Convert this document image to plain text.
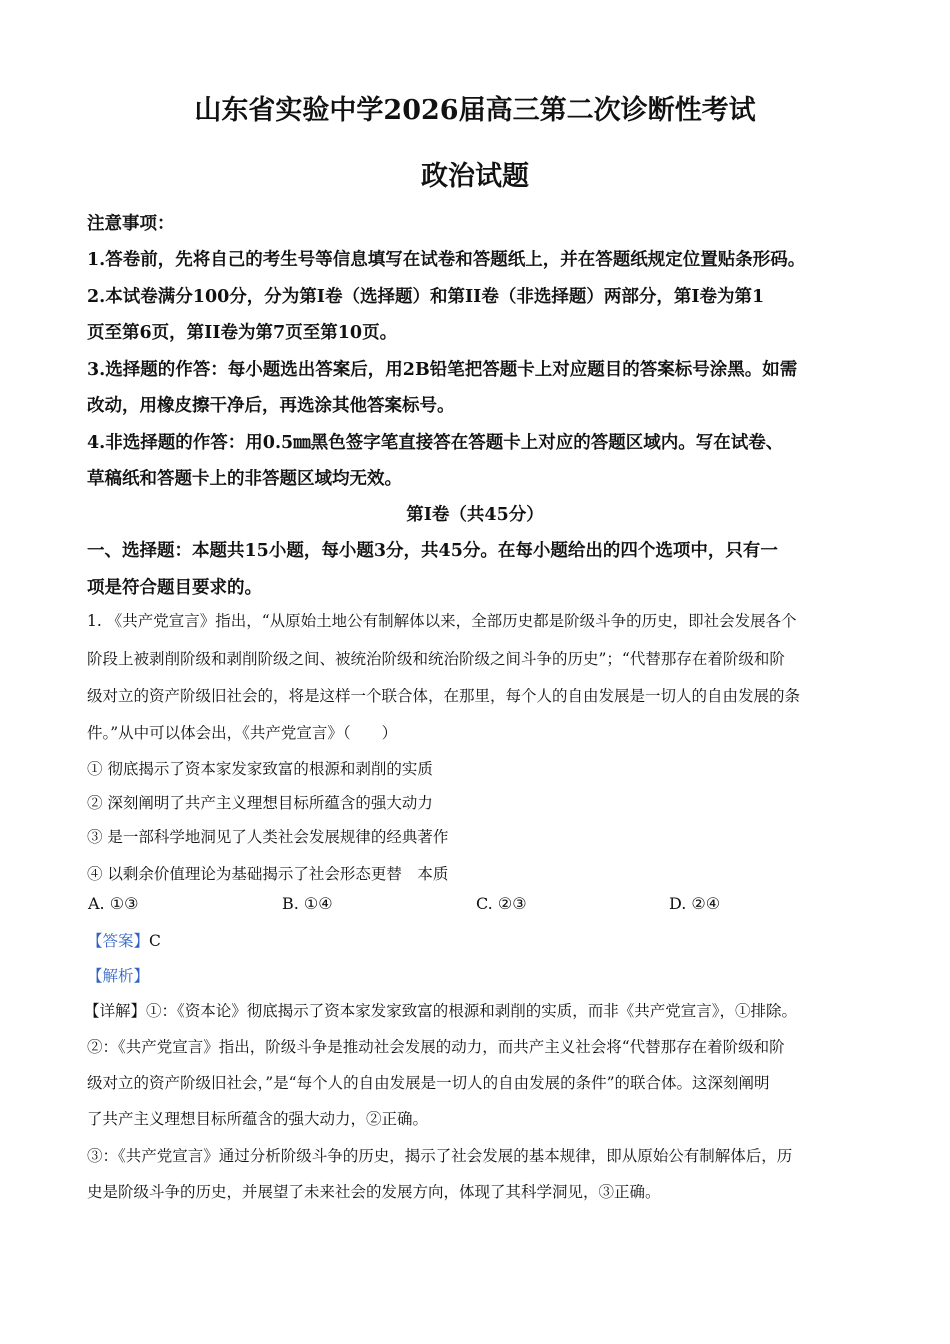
山东省实验中学2026届高三第二次诊断性考试
政治试题
注意事项：
1.答卷前，先将自己的考生号等信息填写在试卷和答题纸上，并在答题纸规定位置贴条形码。
2.本试卷满分100分，分为第Ⅰ卷（选择题）和第II卷（非选择题）两部分，第Ⅰ卷为第1
页至第6页，第II卷为第7页至第10页。
3.选择题的作答：每小题选出答案后，用2B铅笔把答题卡上对应题目的答案标号涂黑。如需
改动，用橡皮擦干净后，再选涂其他答案标号。
4.非选择题的作答：用0.5㎜黑色签字笔直接答在答题卡上对应的答题区域内。写在试卷、
草稿纸和答题卡上的非答题区域均无效。
第Ⅰ卷（共45分）
一、选择题：本题共15小题，每小题3分，共45分。在每小题给出的四个选项中，只有一
项是符合题目要求的。
1. 《共产党宣言》指出，“从原始土地公有制解体以来，全部历史都是阶级斗争的历史，即社会发展各个
阶段上被剥削阶级和剥削阶级之间、被统治阶级和统治阶级之间斗争的历史”；“代替那存在着阶级和阶
级对立的资产阶级旧社会的，将是这样一个联合体，在那里，每个人的自由发展是一切人的自由发展的条
件。”从中可以体会出，《共产党宣言》（　　）
① 彻底揭示了资本家发家致富的根源和剥削的实质
② 深刻阐明了共产主义理想目标所蕴含的强大动力
③ 是一部科学地洞见了人类社会发展规律的经典著作
④ 以剩余价值理论为基础揭示了社会形态更替　本质
A. ①③	B. ①④	C. ②③	D. ②④
【答案】C
【解析】
【详解】①：《资本论》彻底揭示了资本家发家致富的根源和剥削的实质，而非《共产党宣言》，①排除。
②：《共产党宣言》指出，阶级斗争是推动社会发展的动力，而共产主义社会将“代替那存在着阶级和阶
级对立的资产阶级旧社会，”是“每个人的自由发展是一切人的自由发展的条件”的联合体。这深刻阐明
了共产主义理想目标所蕴含的强大动力，②正确。
③：《共产党宣言》通过分析阶级斗争的历史，揭示了社会发展的基本规律，即从原始公有制解体后，历
史是阶级斗争的历史，并展望了未来社会的发展方向，体现了其科学洞见，③正确。
